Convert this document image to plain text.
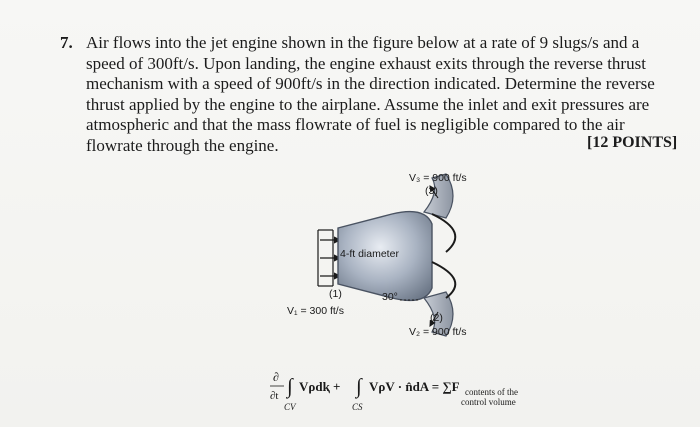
7. Air flows into the jet engine shown in the figure below at a rate of 9 slugs/s and a
speed of 300ft/s. Upon landing, the engine exhaust exits through the reverse thrust
mechanism with a speed of 900ft/s in the direction indicated. Determine the reverse
thrust applied by the engine to the airplane. Assume the inlet and exit pressures are
atmospheric and that the mass flowrate of fuel is negligible compared to the air
flowrate through the engine.	[12 POINTS]
V₃ = 900 ft/s
(3)
4-ft diameter
(1)
V₁ = 300 ft/s
30°
(2)
V₂ = 900 ft/s
∂
∂t ∫ Vρdⱪ + ∫ VρV · n̂dA = ∑F
CV	CS
contents of the
control volume
